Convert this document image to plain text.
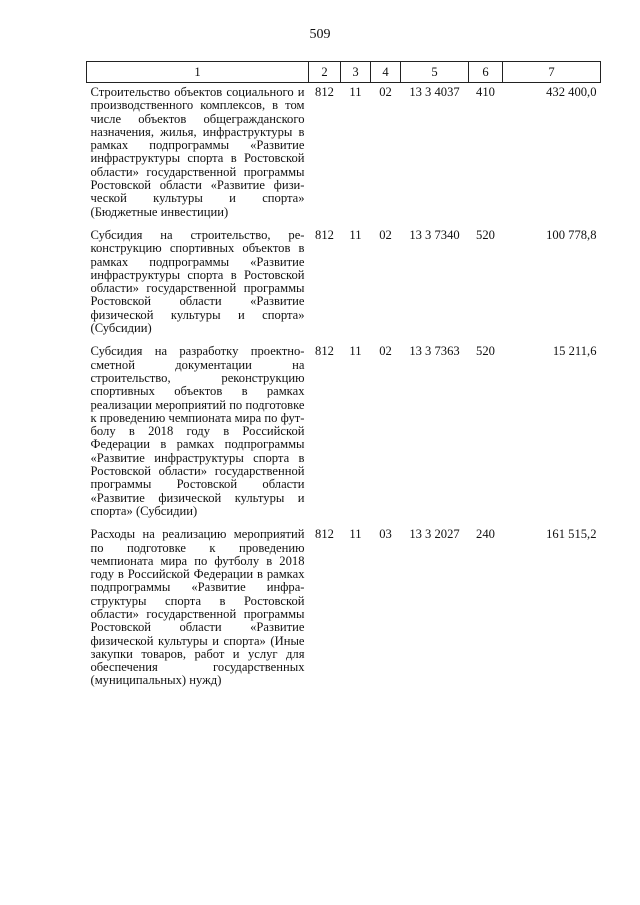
509
1	2	3	4	5	6	7
Строительство объектов социального и производственного комплексов, в том числе объектов общегражданского назначения, жилья, инфраструктуры в рамках подпрограммы «Развитие инфраструктуры спорта в Ростовской области» государственной программы Ростовской области «Развитие физической культуры и спорта» (Бюджетные инвестиции)	812	11	02	13 3 4037	410	432 400,0
Субсидия на строительство, реконструкцию спортивных объектов в рамках подпрограммы «Развитие инфраструктуры спорта в Ростовской области» государственной программы Ростовской области «Развитие физической культуры и спорта» (Субсидии)	812	11	02	13 3 7340	520	100 778,8
Субсидия на разработку проектно-сметной документации на строительство, реконструкцию спортивных объектов в рамках реализации мероприятий по подготовке к проведению чемпионата мира по футболу в 2018 году в Российской Федерации в рамках подпрограммы «Развитие инфраструктуры спорта в Ростовской области» государственной программы Ростовской области «Развитие физической культуры и спорта» (Субсидии)	812	11	02	13 3 7363	520	15 211,6
Расходы на реализацию мероприятий по подготовке к проведению чемпионата мира по футболу в 2018 году в Российской Федерации в рамках подпрограммы «Развитие инфраструктуры спорта в Ростовской области» государственной программы Ростовской области «Развитие физической культуры и спорта» (Иные закупки товаров, работ и услуг для обеспечения государственных (муниципальных) нужд)	812	11	03	13 3 2027	240	161 515,2
